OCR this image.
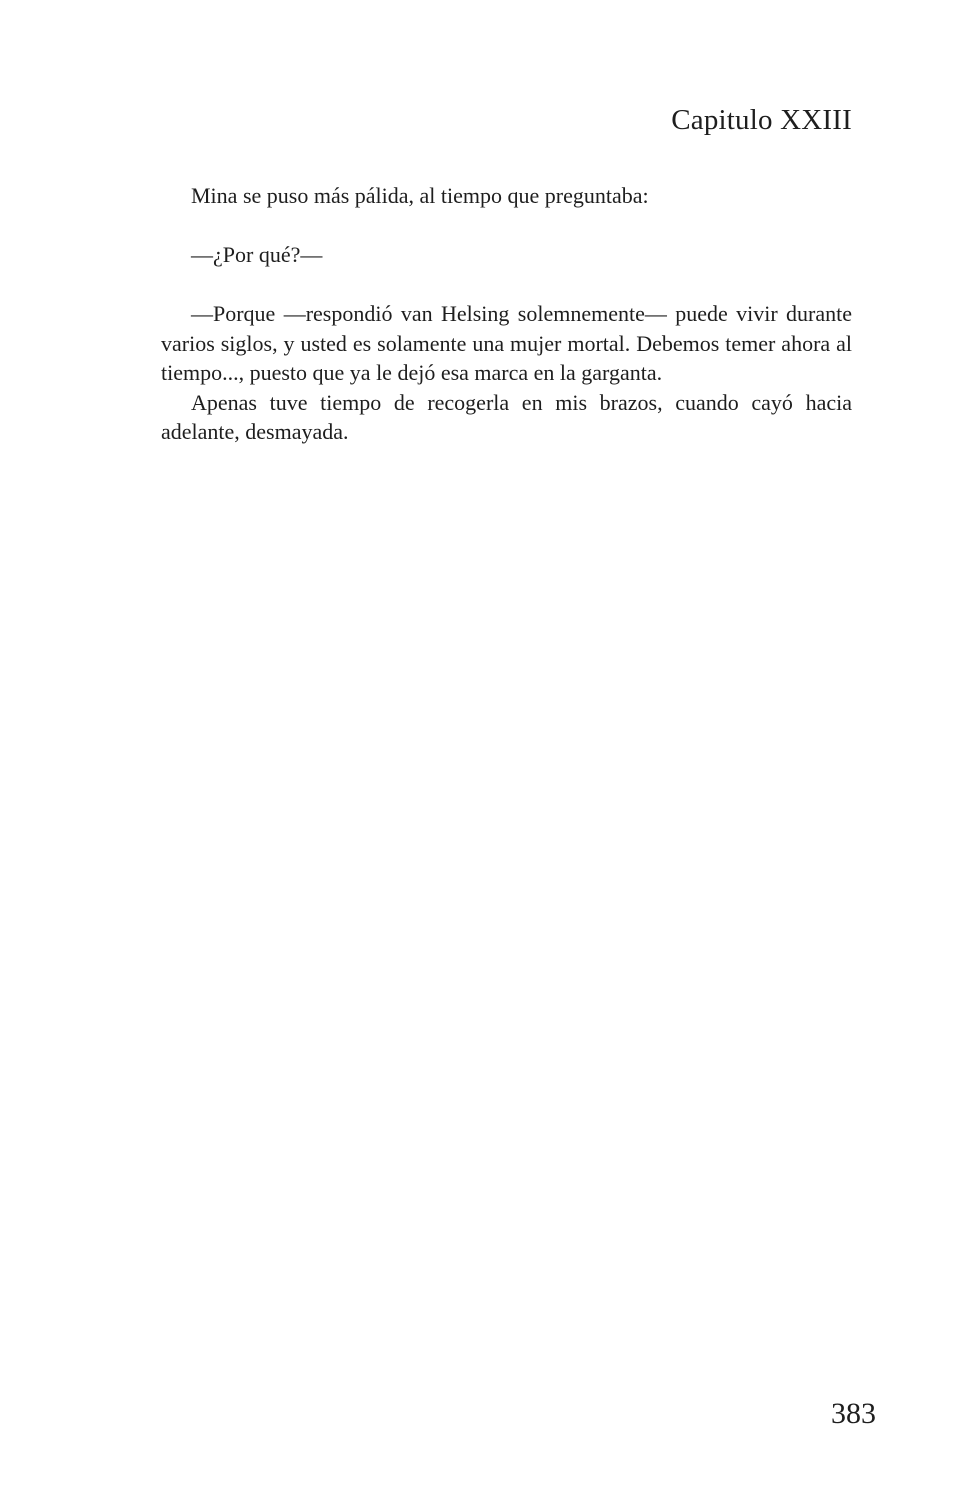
Capitulo XXIII

Mina se puso más pálida, al tiempo que preguntaba:

—¿Por qué?—

—Porque —respondió van Helsing solemnemente— puede vivir durante varios siglos, y usted es solamente una mujer mortal. Debemos temer ahora al tiempo..., puesto que ya le dejó esa marca en la garganta.

Apenas tuve tiempo de recogerla en mis brazos, cuando cayó hacia adelante, desmayada.

383
